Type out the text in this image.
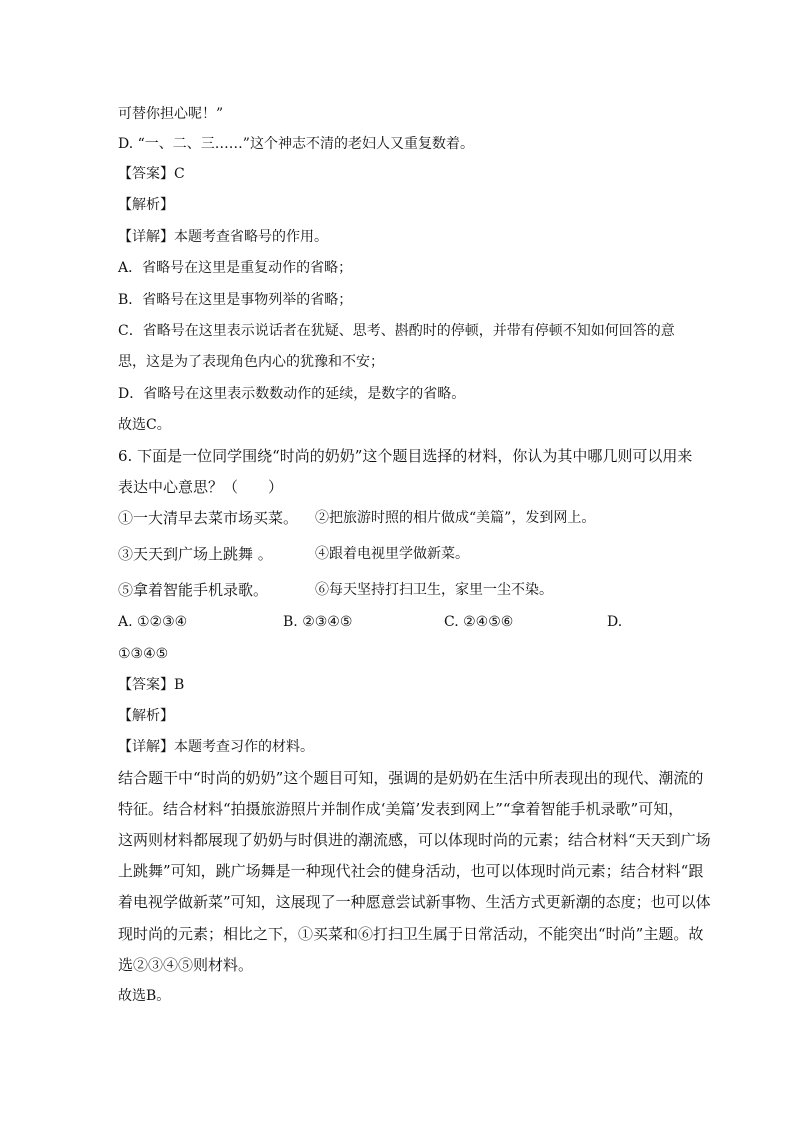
可替你担心呢！”
D. “一、二、三……”这个神志不清的老妇人又重复数着。
【答案】C
【解析】
【详解】本题考查省略号的作用。
A．省略号在这里是重复动作的省略；
B．省略号在这里是事物列举的省略；
C．省略号在这里表示说话者在犹疑、思考、斟酌时的停顿，并带有停顿不知如何回答的意
思，这是为了表现角色内心的犹豫和不安；
D．省略号在这里表示数数动作的延续，是数字的省略。
故选C。
6. 下面是一位同学围绕“时尚的奶奶”这个题目选择的材料，你认为其中哪几则可以用来
表达中心意思？（　　）
①一大清早去菜市场买菜。 ②把旅游时照的相片做成“美篇”，发到网上。
③天天到广场上跳舞 。	④跟着电视里学做新菜。
⑤拿着智能手机录歌。	⑥每天坚持打扫卫生，家里一尘不染。
A. ①②③④	B. ②③④⑤	C. ②④⑤⑥	D.
①③④⑤
【答案】B
【解析】
【详解】本题考查习作的材料。
结合题干中“时尚的奶奶”这个题目可知，强调的是奶奶在生活中所表现出的现代、潮流的
特征。结合材料“拍摄旅游照片并制作成‘美篇’发表到网上”“拿着智能手机录歌”可知，
这两则材料都展现了奶奶与时俱进的潮流感，可以体现时尚的元素；结合材料“天天到广场
上跳舞”可知，跳广场舞是一种现代社会的健身活动，也可以体现时尚元素；结合材料“跟
着电视学做新菜”可知，这展现了一种愿意尝试新事物、生活方式更新潮的态度；也可以体
现时尚的元素；相比之下，①买菜和⑥打扫卫生属于日常活动，不能突出“时尚”主题。故
选②③④⑤则材料。
故选B。
